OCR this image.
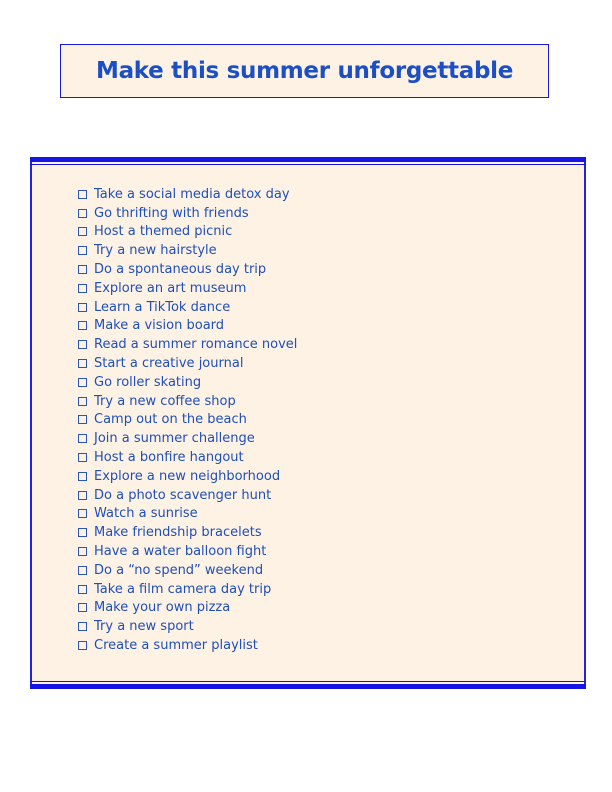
Make this summer unforgettable
Take a social media detox day
Go thrifting with friends
Host a themed picnic
Try a new hairstyle
Do a spontaneous day trip
Explore an art museum
Learn a TikTok dance
Make a vision board
Read a summer romance novel
Start a creative journal
Go roller skating
Try a new coffee shop
Camp out on the beach
Join a summer challenge
Host a bonfire hangout
Explore a new neighborhood
Do a photo scavenger hunt
Watch a sunrise
Make friendship bracelets
Have a water balloon fight
Do a “no spend” weekend
Take a film camera day trip
Make your own pizza
Try a new sport
Create a summer playlist
